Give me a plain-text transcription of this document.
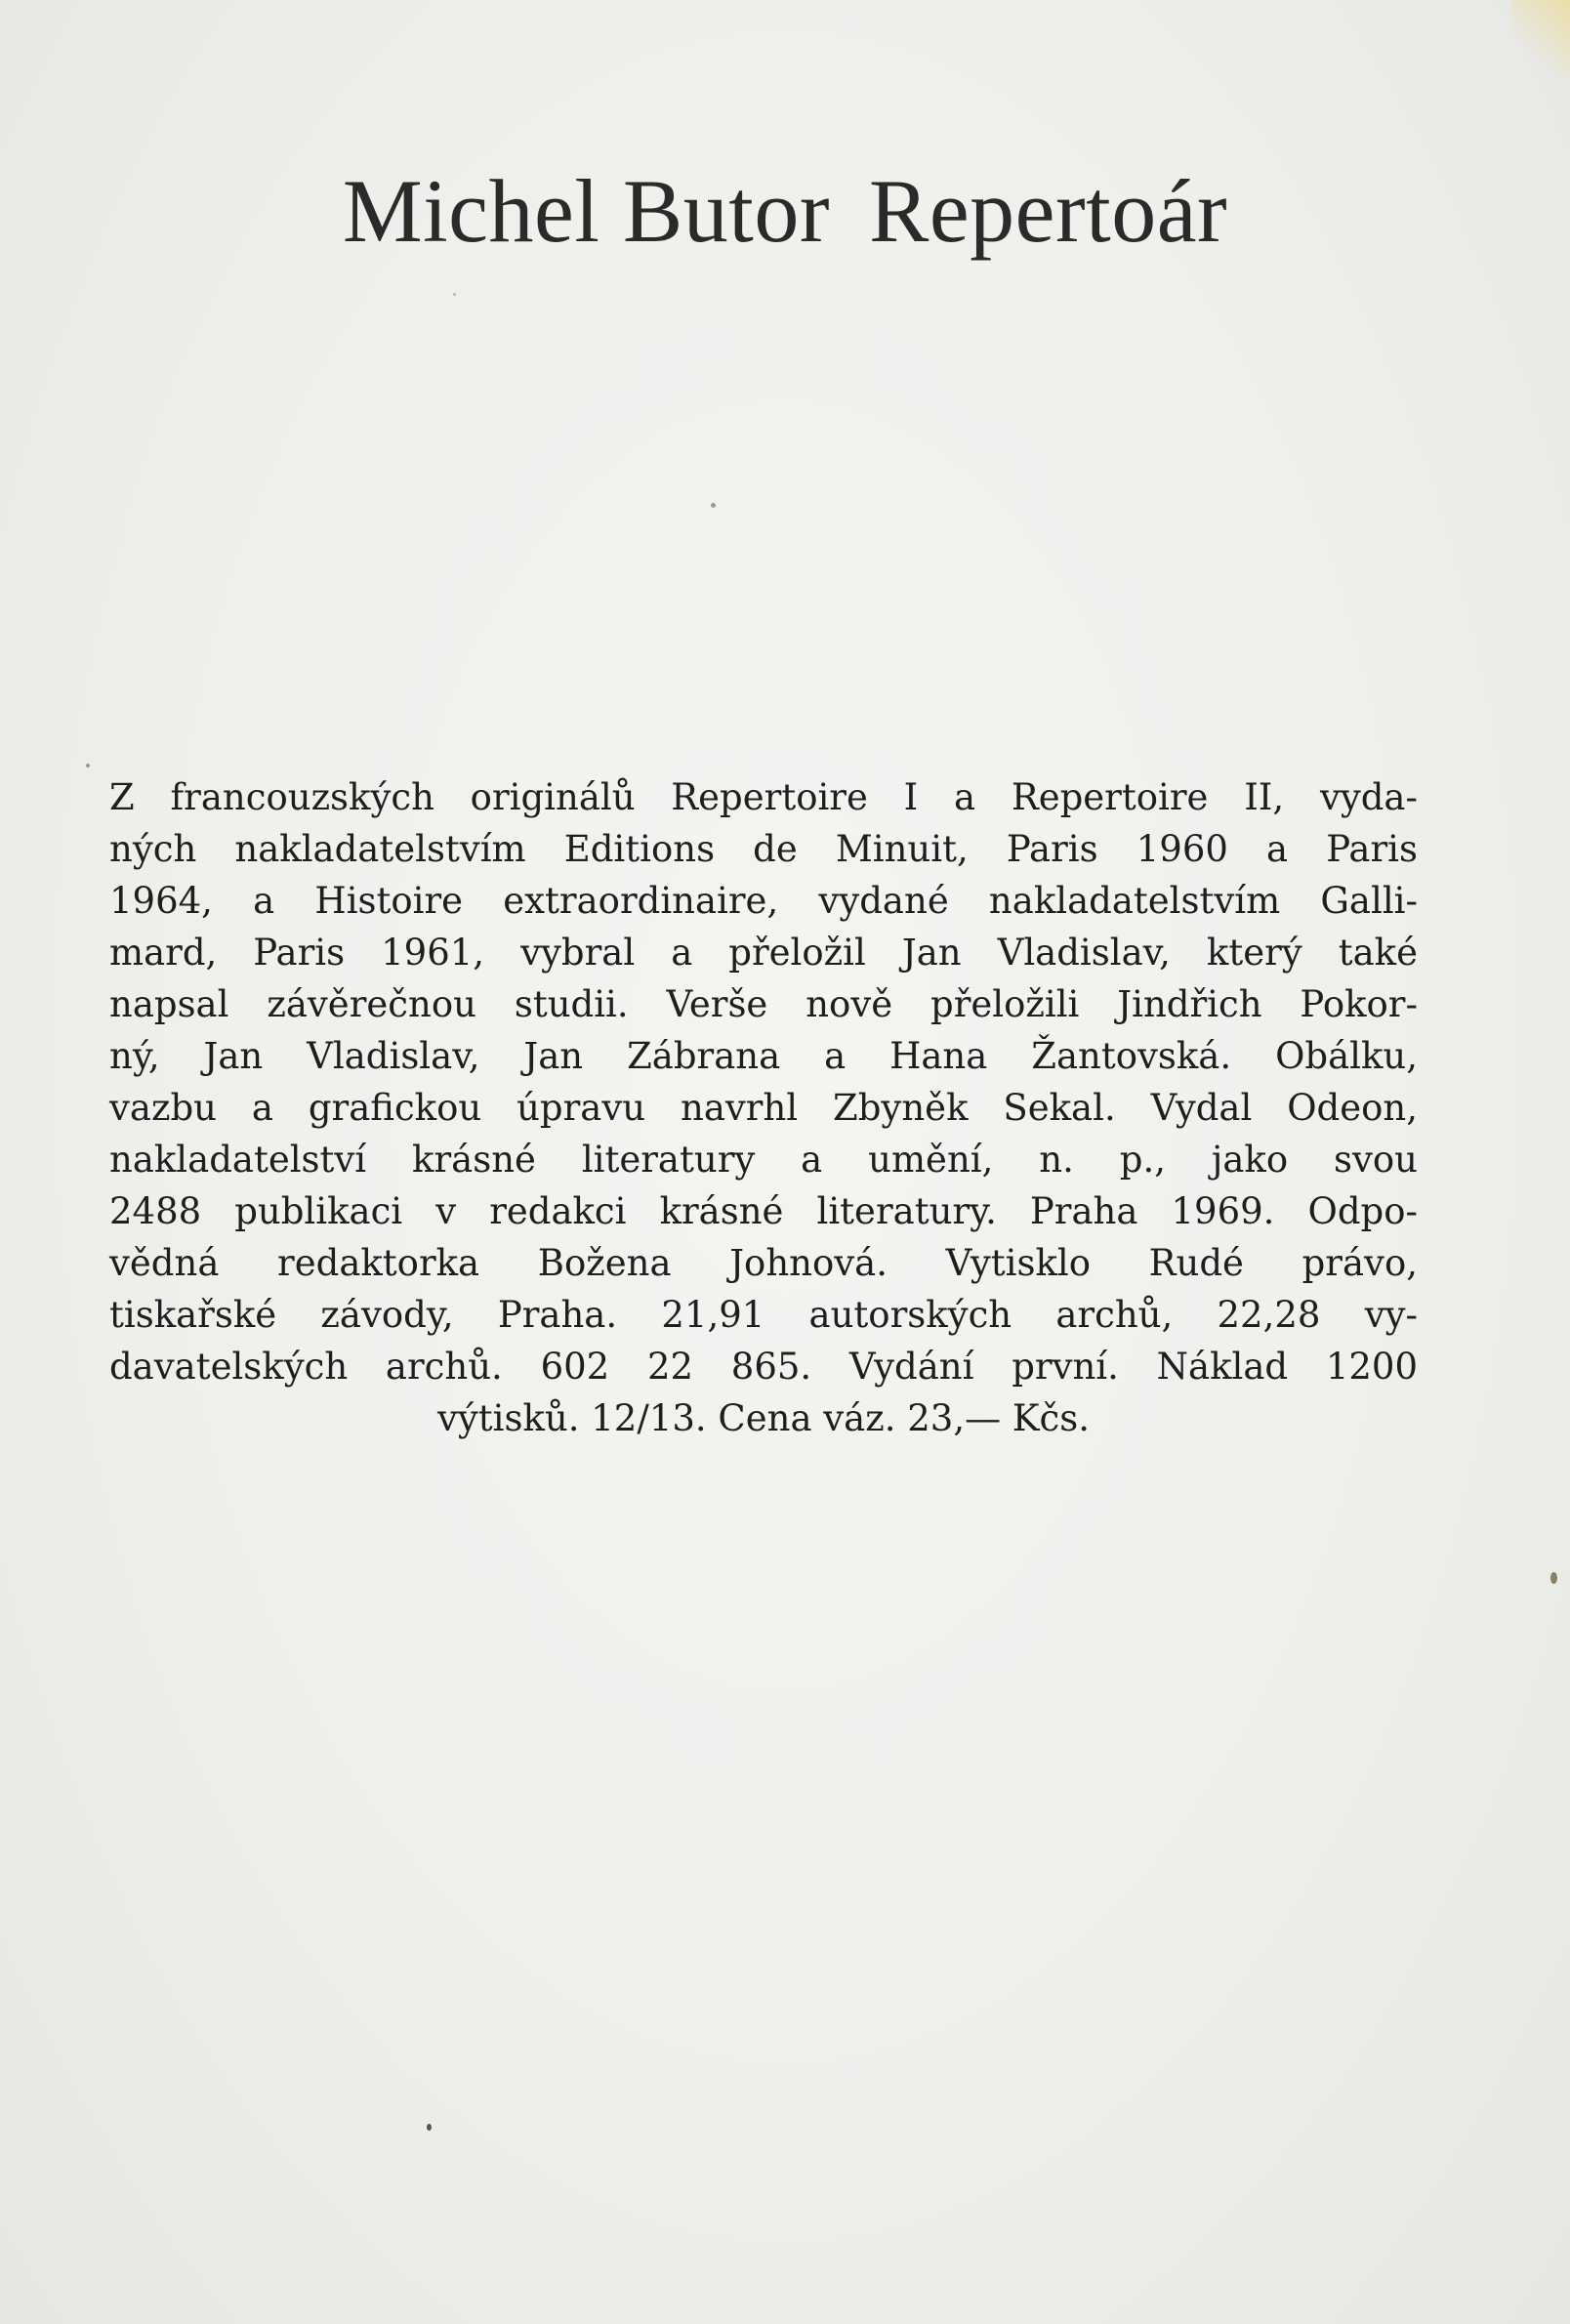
Michel Butor Repertoár
Z francouzských originálů Repertoire I a Repertoire II, vyda-
ných nakladatelstvím Editions de Minuit, Paris 1960 a Paris
1964, a Histoire extraordinaire, vydané nakladatelstvím Galli-
mard, Paris 1961, vybral a přeložil Jan Vladislav, který také
napsal závěrečnou studii. Verše nově přeložili Jindřich Pokor-
ný, Jan Vladislav, Jan Zábrana a Hana Žantovská. Obálku,
vazbu a grafickou úpravu navrhl Zbyněk Sekal. Vydal Odeon,
nakladatelství krásné literatury a umění, n. p., jako svou
2488 publikaci v redakci krásné literatury. Praha 1969. Odpo-
vědná redaktorka Božena Johnová. Vytisklo Rudé právo,
tiskařské závody, Praha. 21,91 autorských archů, 22,28 vy-
davatelských archů. 602 22 865. Vydání první. Náklad 1200
výtisků. 12/13. Cena váz. 23,— Kčs.
